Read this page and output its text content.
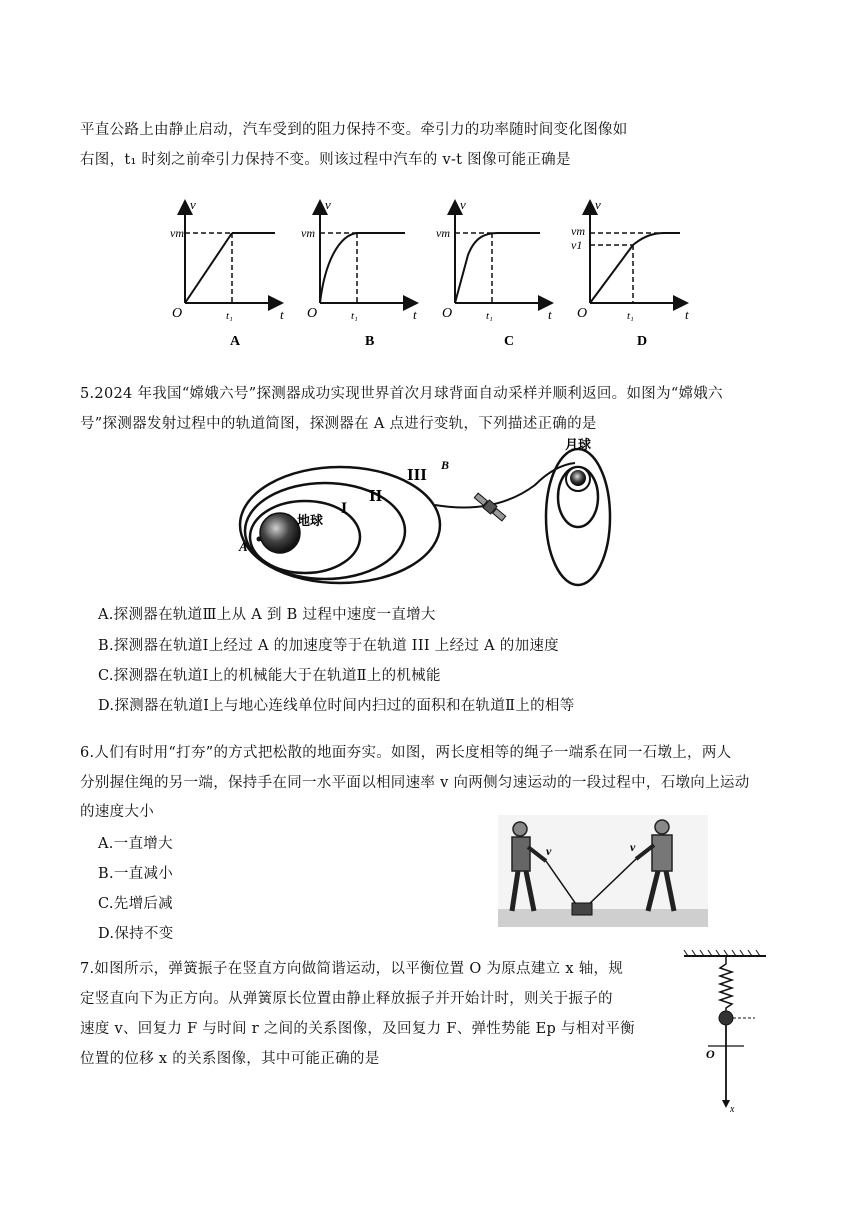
平直公路上由静止启动，汽车受到的阻力保持不变。牵引力的功率随时间变化图像如
右图，t₁ 时刻之前牵引力保持不变。则该过程中汽车的 v-t 图像可能正确是
vm
v
t
O	t₁
A
vm
v
t
O	t₁
B
vm
v
t
O	t₁
C
vm
v1
v
t
O	t₁
D
5.2024 年我国“嫦娥六号”探测器成功实现世界首次月球背面自动采样并顺利返回。如图为“嫦娥六
号”探测器发射过程中的轨道简图，探测器在 A 点进行变轨，下列描述正确的是
地球
A
I
II
III B
月球
A.探测器在轨道Ⅲ上从 A 到 B 过程中速度一直增大
B.探测器在轨道Ⅰ上经过 A 的加速度等于在轨道 III 上经过 A 的加速度
C.探测器在轨道Ⅰ上的机械能大于在轨道Ⅱ上的机械能
D.探测器在轨道Ⅰ上与地心连线单位时间内扫过的面积和在轨道Ⅱ上的相等
6.人们有时用“打夯”的方式把松散的地面夯实。如图，两长度相等的绳子一端系在同一石墩上，两人
分别握住绳的另一端，保持手在同一水平面以相同速率 v 向两侧匀速运动的一段过程中，石墩向上运动
的速度大小
A.一直增大
B.一直减小
C.先增后减
D.保持不变
v	v
7.如图所示，弹簧振子在竖直方向做简谐运动，以平衡位置 O 为原点建立 x 轴，规
定竖直向下为正方向。从弹簧原长位置由静止释放振子并开始计时，则关于振子的
速度 v、回复力 F 与时间 r 之间的关系图像，及回复力 F、弹性势能 Ep 与相对平衡
位置的位移 x 的关系图像，其中可能正确的是	O
x
